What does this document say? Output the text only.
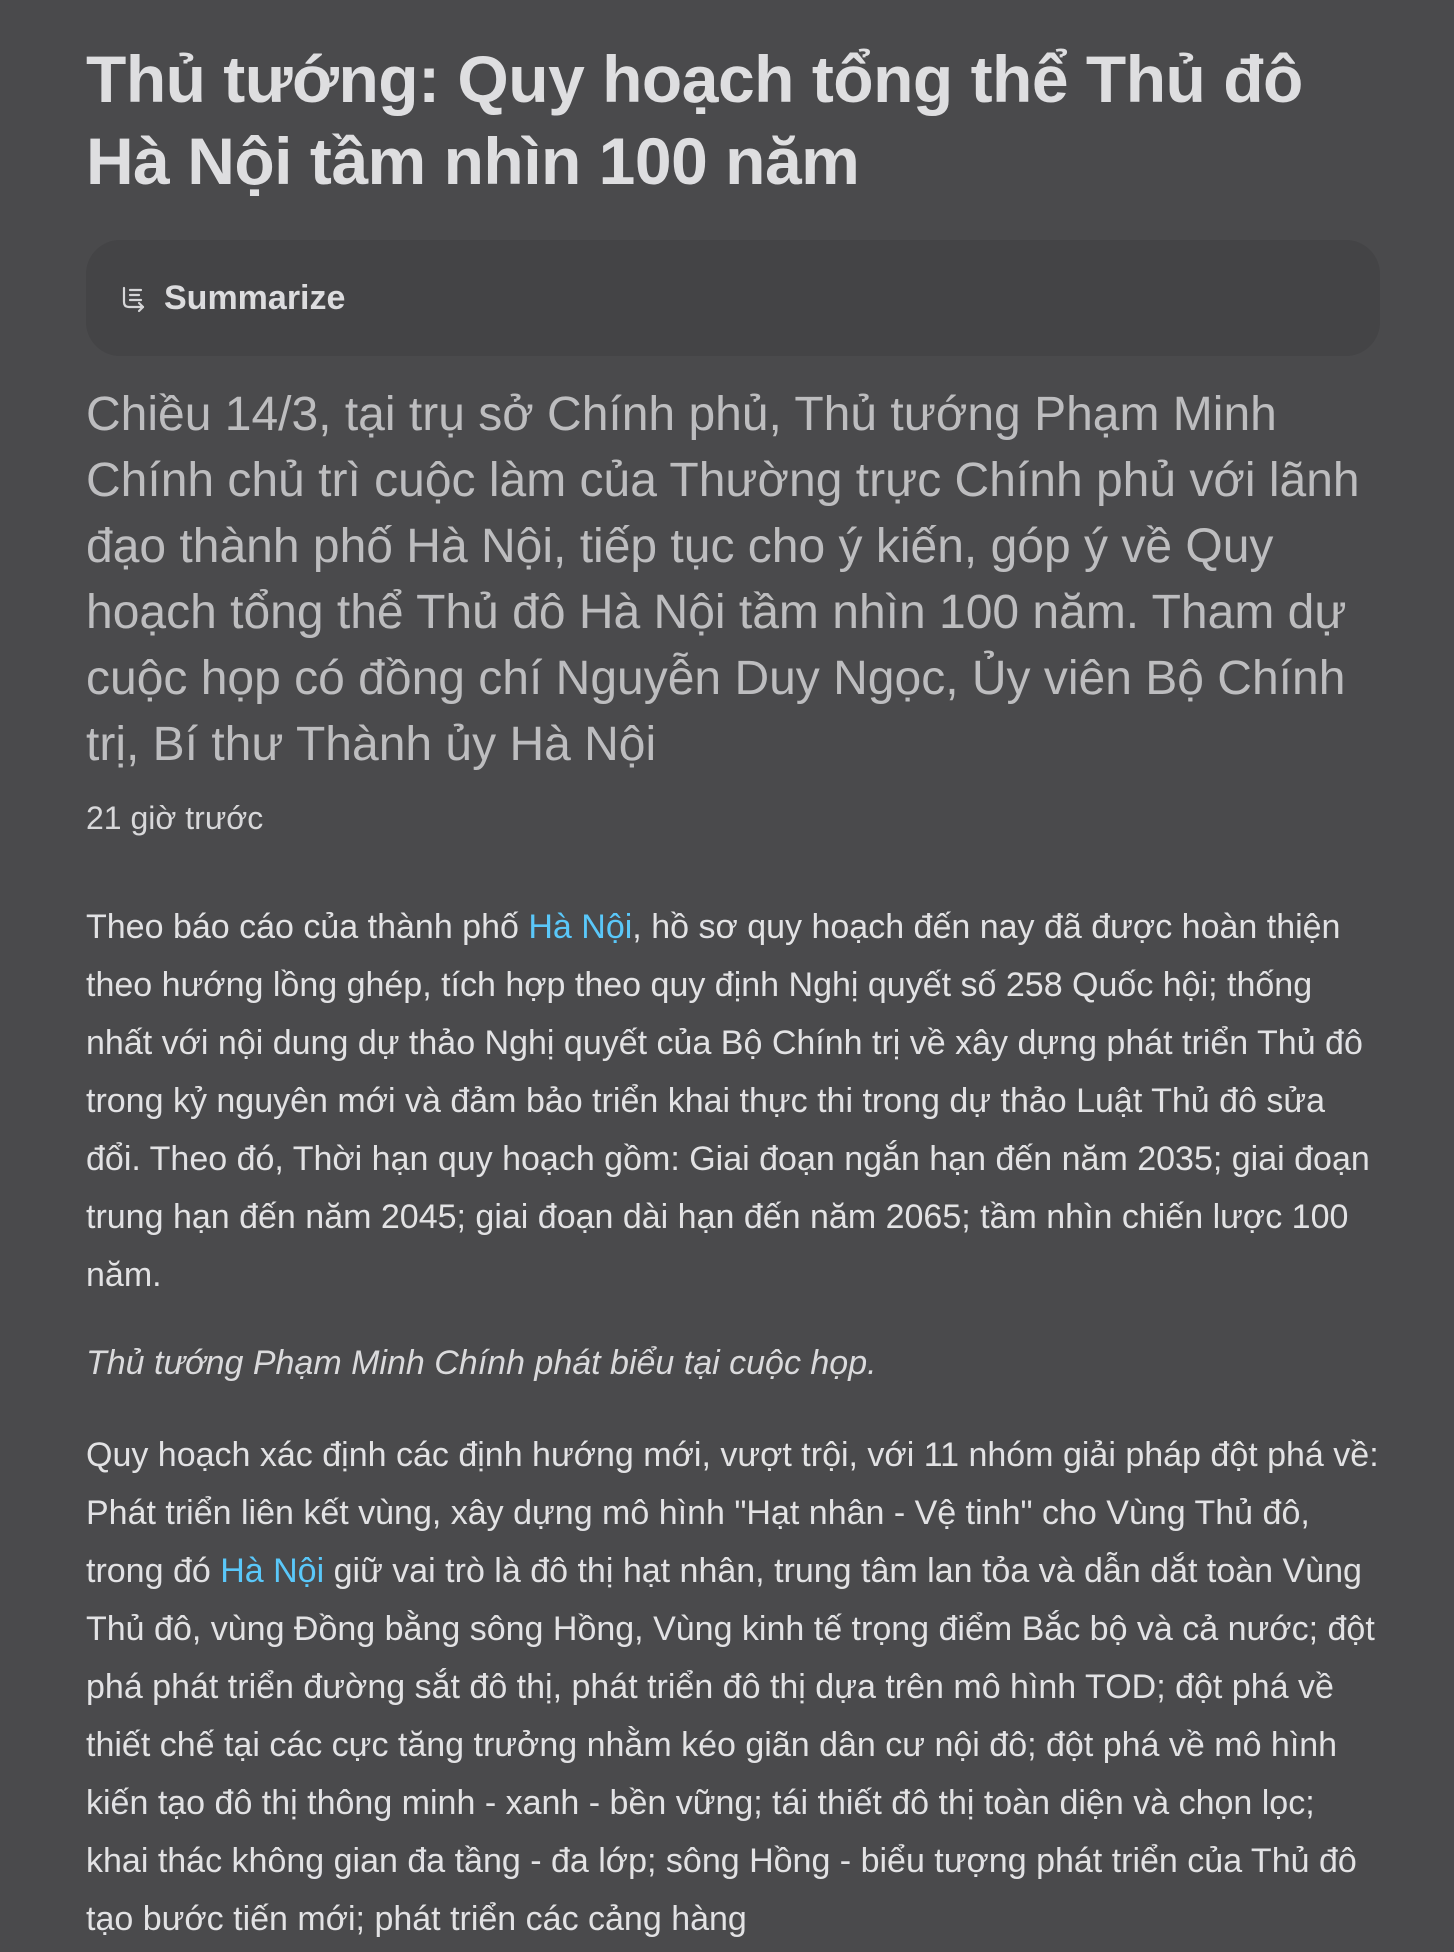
Thủ tướng: Quy hoạch tổng thể Thủ đô Hà Nội tầm nhìn 100 năm
Summarize

Chiều 14/3, tại trụ sở Chính phủ, Thủ tướng Phạm Minh Chính chủ trì cuộc làm của Thường trực Chính phủ với lãnh đạo thành phố Hà Nội, tiếp tục cho ý kiến, góp ý về Quy hoạch tổng thể Thủ đô Hà Nội tầm nhìn 100 năm. Tham dự cuộc họp có đồng chí Nguyễn Duy Ngọc, Ủy viên Bộ Chính trị, Bí thư Thành ủy Hà Nội

21 giờ trước

Theo báo cáo của thành phố Hà Nội, hồ sơ quy hoạch đến nay đã được hoàn thiện theo hướng lồng ghép, tích hợp theo quy định Nghị quyết số 258 Quốc hội; thống nhất với nội dung dự thảo Nghị quyết của Bộ Chính trị về xây dựng phát triển Thủ đô trong kỷ nguyên mới và đảm bảo triển khai thực thi trong dự thảo Luật Thủ đô sửa đổi. Theo đó, Thời hạn quy hoạch gồm: Giai đoạn ngắn hạn đến năm 2035; giai đoạn trung hạn đến năm 2045; giai đoạn dài hạn đến năm 2065; tầm nhìn chiến lược 100 năm.

Thủ tướng Phạm Minh Chính phát biểu tại cuộc họp.

Quy hoạch xác định các định hướng mới, vượt trội, với 11 nhóm giải pháp đột phá về: Phát triển liên kết vùng, xây dựng mô hình "Hạt nhân - Vệ tinh" cho Vùng Thủ đô, trong đó Hà Nội giữ vai trò là đô thị hạt nhân, trung tâm lan tỏa và dẫn dắt toàn Vùng Thủ đô, vùng Đồng bằng sông Hồng, Vùng kinh tế trọng điểm Bắc bộ và cả nước; đột phá phát triển đường sắt đô thị, phát triển đô thị dựa trên mô hình TOD; đột phá về thiết chế tại các cực tăng trưởng nhằm kéo giãn dân cư nội đô; đột phá về mô hình kiến tạo đô thị thông minh - xanh - bền vững; tái thiết đô thị toàn diện và chọn lọc; khai thác không gian đa tầng - đa lớp; sông Hồng - biểu tượng phát triển của Thủ đô tạo bước tiến mới; phát triển các cảng hàng
